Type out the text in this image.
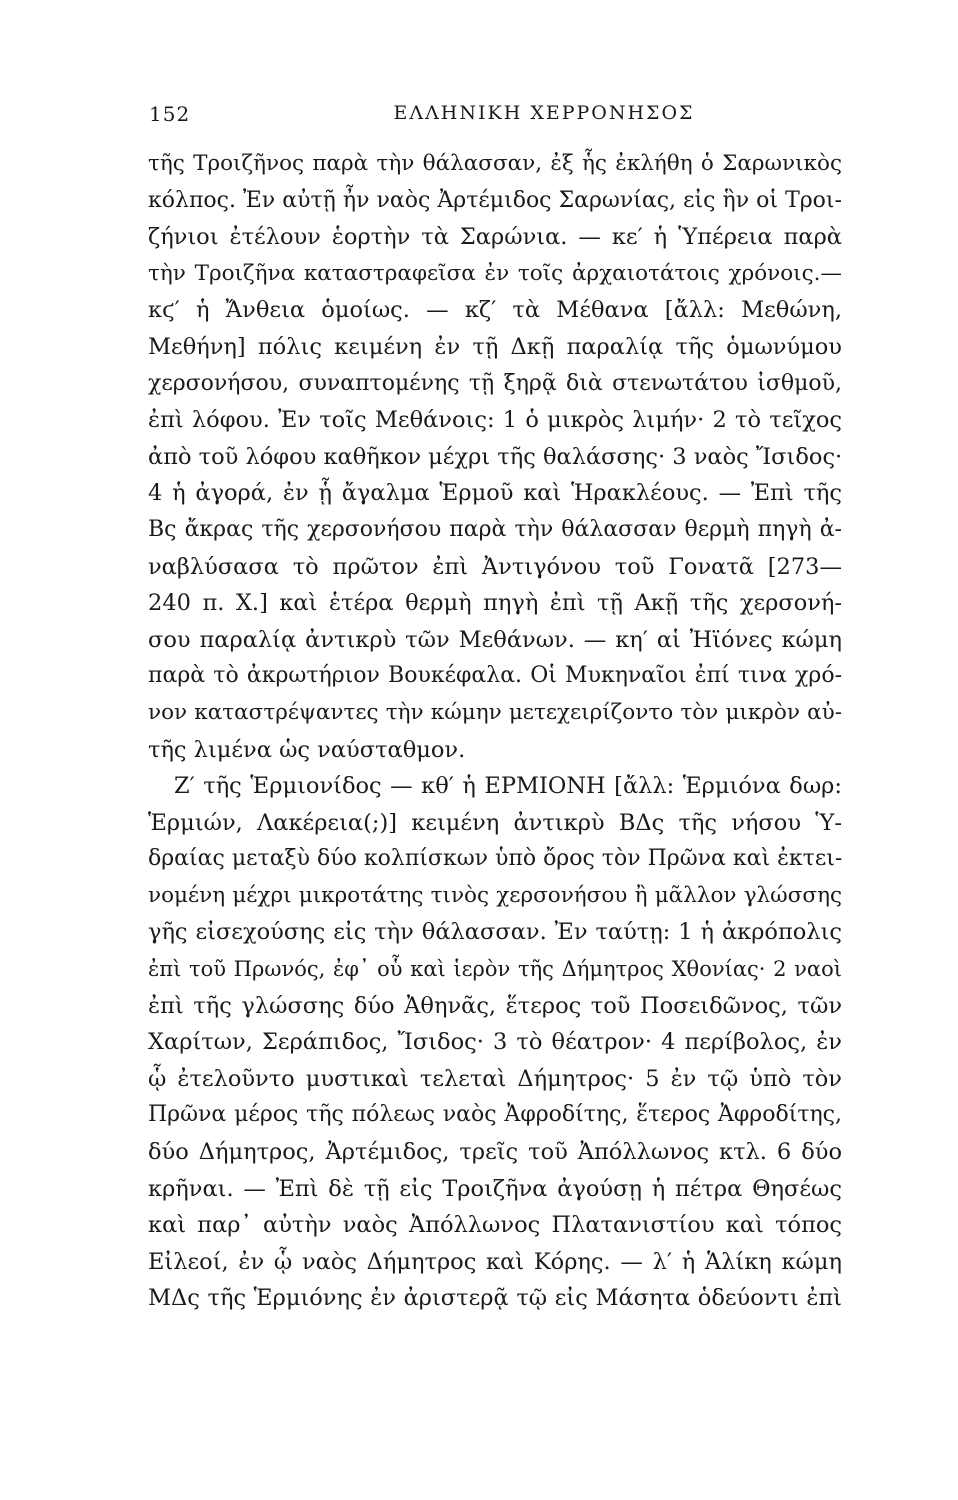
152	ΕΛΛΗΝΙΚΗ ΧΕΡΡΟΝΗΣΟΣ
τῆς Τροιζῆνος παρὰ τὴν θάλασσαν, ἐξ ἧς ἐκλήθη ὁ Σαρωνικὸς
κόλπος. Ἐν αὐτῇ ἦν ναὸς Ἀρτέμιδος Σαρωνίας, εἰς ἣν οἱ Τροι-
ζήνιοι ἐτέλουν ἑορτὴν τὰ Σαρώνια. — κε′ ἡ Ὑπέρεια παρὰ
τὴν Τροιζῆνα καταστραφεῖσα ἐν τοῖς ἀρχαιοτάτοις χρόνοις.—
κϛ′ ἡ Ἄνθεια ὁμοίως. — κζ′ τὰ Μέθανα [ἄλλ: Μεθώνη,
Μεθήνη] πόλις κειμένη ἐν τῇ Δκῇ παραλίᾳ τῆς ὁμωνύμου
χερσονήσου, συναπτομένης τῇ ξηρᾷ διὰ στενωτάτου ἰσθμοῦ,
ἐπὶ λόφου. Ἐν τοῖς Μεθάνοις: 1 ὁ μικρὸς λιμήν· 2 τὸ τεῖχος
ἀπὸ τοῦ λόφου καθῆκον μέχρι τῆς θαλάσσης· 3 ναὸς Ἴσιδος·
4 ἡ ἀγορά, ἐν ᾗ ἄγαλμα Ἑρμοῦ καὶ Ἡρακλέους. — Ἐπὶ τῆς
Βς ἄκρας τῆς χερσονήσου παρὰ τὴν θάλασσαν θερμὴ πηγὴ ἀ-
ναβλύσασα τὸ πρῶτον ἐπὶ Ἀντιγόνου τοῦ Γονατᾶ [273—
240 π. Χ.] καὶ ἑτέρα θερμὴ πηγὴ ἐπὶ τῇ Ακῇ τῆς χερσονή-
σου παραλίᾳ ἀντικρὺ τῶν Μεθάνων. — κη′ αἱ Ἠϊόνες κώμη
παρὰ τὸ ἀκρωτήριον Βουκέφαλα. Οἱ Μυκηναῖοι ἐπί τινα χρό-
νον καταστρέψαντες τὴν κώμην μετεχειρίζοντο τὸν μικρὸν αὐ-
τῆς λιμένα ὡς ναύσταθμον.
Ζ′ τῆς Ἑρμιονίδος — κθ′ ἡ ΕΡΜΙΟΝΗ [ἄλλ: Ἑρμιόνα δωρ:
Ἑρμιών, Λακέρεια(;)] κειμένη ἀντικρὺ ΒΔς τῆς νήσου Ὑ-
δραίας μεταξὺ δύο κολπίσκων ὑπὸ ὄρος τὸν Πρῶνα καὶ ἐκτει-
νομένη μέχρι μικροτάτης τινὸς χερσονήσου ἢ μᾶλλον γλώσσης
γῆς εἰσεχούσης εἰς τὴν θάλασσαν. Ἐν ταύτῃ: 1 ἡ ἀκρόπολις
ἐπὶ τοῦ Πρωνός, ἐφ᾽ οὗ καὶ ἱερὸν τῆς Δήμητρος Χθονίας· 2 ναοὶ
ἐπὶ τῆς γλώσσης δύο Ἀθηνᾶς, ἕτερος τοῦ Ποσειδῶνος, τῶν
Χαρίτων, Σεράπιδος, Ἴσιδος· 3 τὸ θέατρον· 4 περίβολος, ἐν
ᾧ ἐτελοῦντο μυστικαὶ τελεταὶ Δήμητρος· 5 ἐν τῷ ὑπὸ τὸν
Πρῶνα μέρος τῆς πόλεως ναὸς Ἀφροδίτης, ἕτερος Ἀφροδίτης,
δύο Δήμητρος, Ἀρτέμιδος, τρεῖς τοῦ Ἀπόλλωνος κτλ. 6 δύο
κρῆναι. — Ἐπὶ δὲ τῇ εἰς Τροιζῆνα ἀγούσῃ ἡ πέτρα Θησέως
καὶ παρ᾽ αὐτὴν ναὸς Ἀπόλλωνος Πλατανιστίου καὶ τόπος
Εἰλεοί, ἐν ᾧ ναὸς Δήμητρος καὶ Κόρης. — λ′ ἡ Ἁλίκη κώμη
ΜΔς τῆς Ἑρμιόνης ἐν ἀριστερᾷ τῷ εἰς Μάσητα ὁδεύοντι ἐπὶ
